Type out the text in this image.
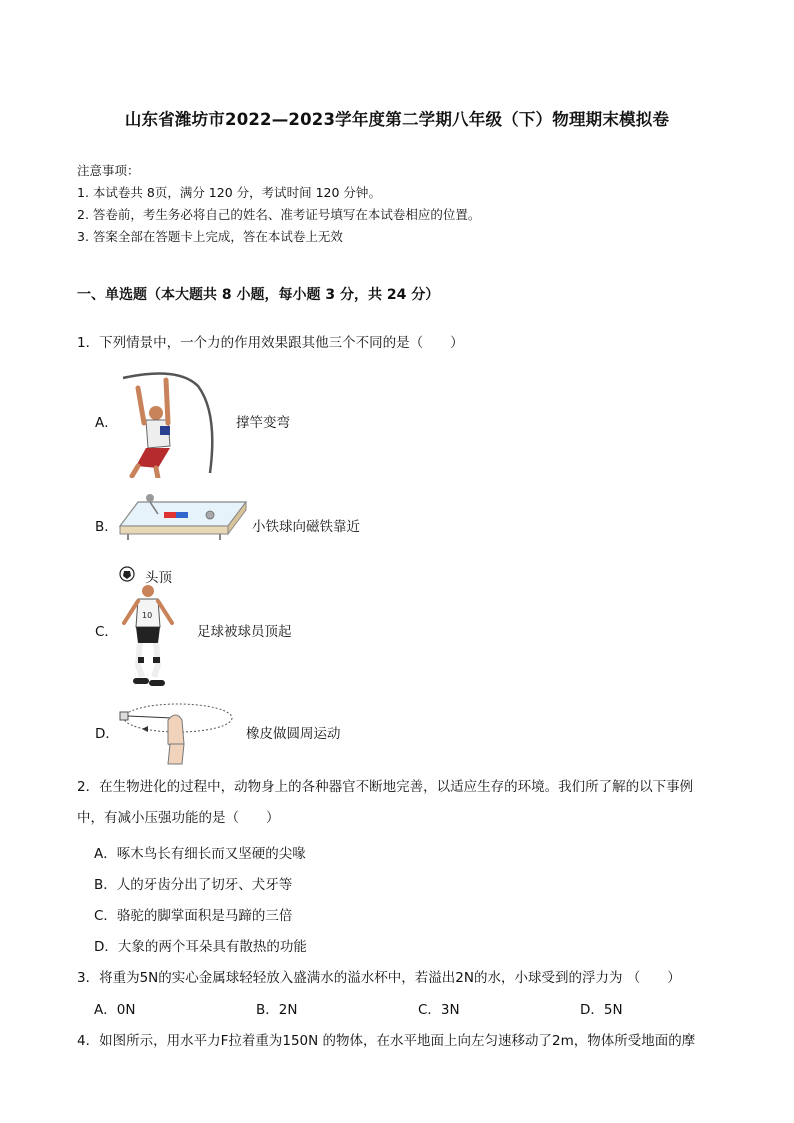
山东省潍坊市2022—2023学年度第二学期八年级（下）物理期末模拟卷
注意事项：
1. 本试卷共 8页，满分 120 分，考试时间 120 分钟。
2. 答卷前，考生务必将自己的姓名、准考证号填写在本试卷相应的位置。
3. 答案全部在答题卡上完成，答在本试卷上无效
一、单选题（本大题共 8 小题，每小题 3 分，共 24 分）
1．下列情景中，一个力的作用效果跟其他三个不同的是（　　）
A．	撑竿变弯
B．	小铁球向磁铁靠近
C．
10
头顶
足球被球员顶起
D．	橡皮做圆周运动
2．在生物进化的过程中，动物身上的各种器官不断地完善，以适应生存的环境。我们所了解的以下事例
中，有减小压强功能的是（　　）
A．啄木鸟长有细长而又坚硬的尖喙
B．人的牙齿分出了切牙、犬牙等
C．骆驼的脚掌面积是马蹄的三倍
D．大象的两个耳朵具有散热的功能
3．将重为5N的实心金属球轻轻放入盛满水的溢水杯中，若溢出2N的水，小球受到的浮力为 （　　）
A．0N	B．2N	C．3N	D．5N
4．如图所示，用水平力F拉着重为150N 的物体，在水平地面上向左匀速移动了2m，物体所受地面的摩
